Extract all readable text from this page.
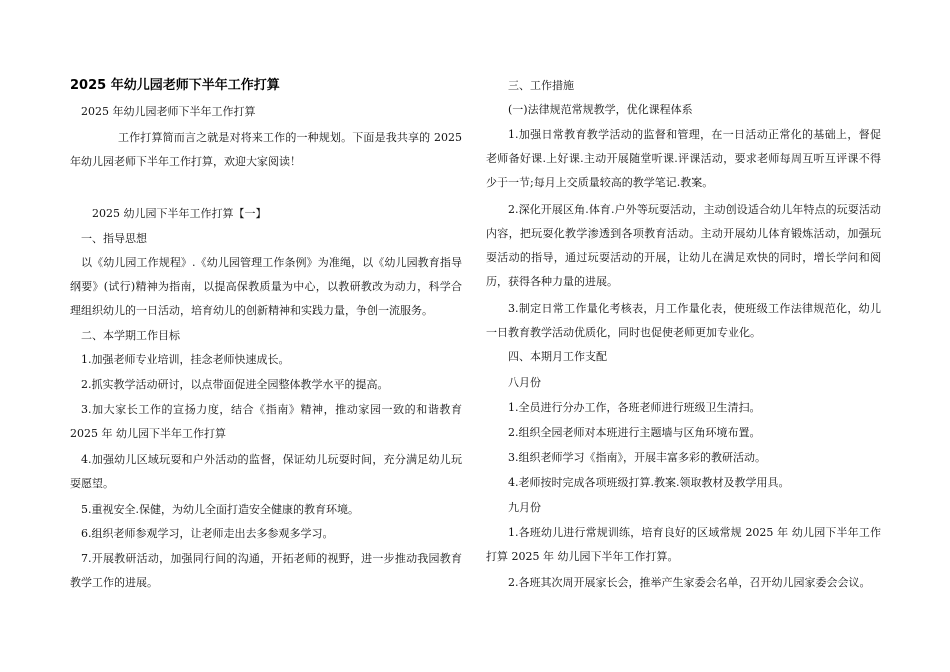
2025 年幼儿园老师下半年工作打算

2025 年幼儿园老师下半年工作打算

工作打算简而言之就是对将来工作的一种规划。下面是我共享的 2025 年幼儿园老师下半年工作打算，欢迎大家阅读！

2025 幼儿园下半年工作打算【一】

一、指导思想

以《幼儿园工作规程》.《幼儿园管理工作条例》为准绳，以《幼儿园教育指导纲要》(试行)精神为指南，以提高保教质量为中心，以教研教改为动力，科学合理组织幼儿的一日活动，培育幼儿的创新精神和实践力量，争创一流服务。

二、本学期工作目标

1.加强老师专业培训，挂念老师快速成长。

2.抓实教学活动研讨，以点带面促进全园整体教学水平的提高。

3.加大家长工作的宣扬力度，结合《指南》精神，推动家园一致的和谐教育 2025 年 幼儿园下半年工作打算

4.加强幼儿区域玩耍和户外活动的监督，保证幼儿玩耍时间，充分满足幼儿玩耍愿望。

5.重视安全.保健，为幼儿全面打造安全健康的教育环境。

6.组织老师参观学习，让老师走出去多参观多学习。

7.开展教研活动，加强同行间的沟通，开拓老师的视野，进一步推动我园教育教学工作的进展。

三、工作措施

(一)法律规范常规教学，优化课程体系

1.加强日常教育教学活动的监督和管理，在一日活动正常化的基础上，督促老师备好课.上好课.主动开展随堂听课.评课活动，要求老师每周互听互评课不得少于一节;每月上交质量较高的教学笔记.教案。

2.深化开展区角.体育.户外等玩耍活动，主动创设适合幼儿年特点的玩耍活动内容，把玩耍化教学渗透到各项教育活动。主动开展幼儿体育锻炼活动，加强玩耍活动的指导，通过玩耍活动的开展，让幼儿在满足欢快的同时，增长学问和阅历，获得各种力量的进展。

3.制定日常工作量化考核表，月工作量化表，使班级工作法律规范化，幼儿一日教育教学活动优质化，同时也促使老师更加专业化。

四、本期月工作支配

八月份

1.全员进行分办工作，各班老师进行班级卫生清扫。

2.组织全园老师对本班进行主题墙与区角环境布置。

3.组织老师学习《指南》，开展丰富多彩的教研活动。

4.老师按时完成各项班级打算.教案.领取教材及教学用具。

九月份

1.各班幼儿进行常规训练，培育良好的区域常规 2025 年 幼儿园下半年工作打算 2025 年 幼儿园下半年工作打算。

2.各班其次周开展家长会，推举产生家委会名单，召开幼儿园家委会会议。
